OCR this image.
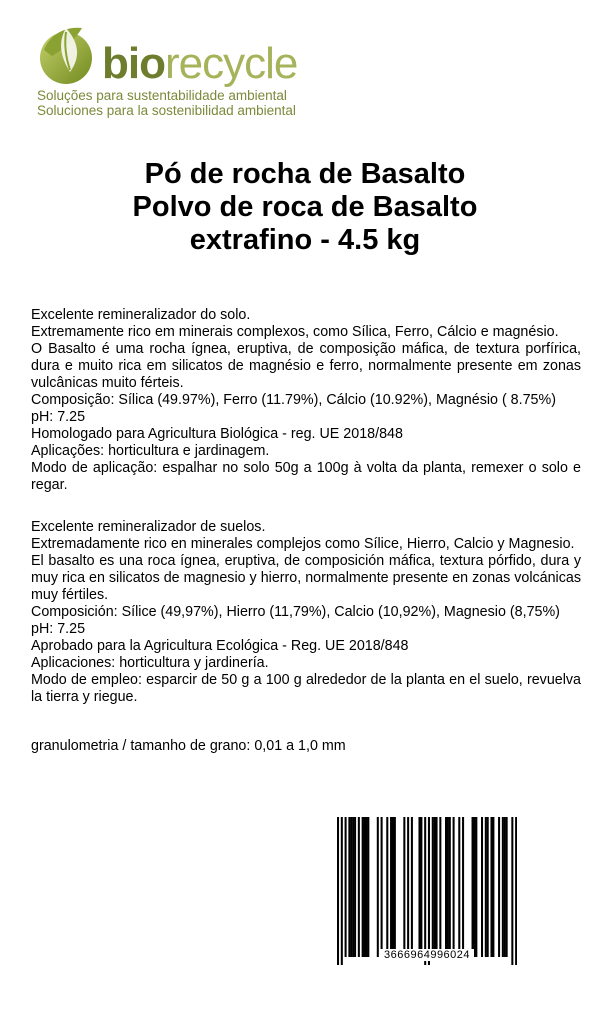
biorecycle
Soluções para sustentabilidade ambiental
Soluciones para la sostenibilidad ambiental
Pó de rocha de Basalto
Polvo de roca de Basalto
extrafino - 4.5 kg

Excelente remineralizador do solo.

Extremamente rico em minerais complexos, como Sílica, Ferro, Cálcio e magnésio.

O Basalto é uma rocha ígnea, eruptiva, de composição máfica, de textura porfírica, dura e muito rica em silicatos de magnésio e ferro, normalmente presente em zonas vulcânicas muito férteis.

Composição: Sílica (49.97%), Ferro (11.79%), Cálcio (10.92%), Magnésio ( 8.75%)

pH: 7.25

Homologado para Agricultura Biológica - reg. UE 2018/848

Aplicações: horticultura e jardinagem.

Modo de aplicação: espalhar no solo 50g a 100g à volta da planta, remexer o solo e regar.

Excelente remineralizador de suelos.

Extremadamente rico en minerales complejos como Sílice, Hierro, Calcio y Magnesio.

El basalto es una roca ígnea, eruptiva, de composición máfica, textura pórfido, dura y muy rica en silicatos de magnesio y hierro, normalmente presente en zonas volcánicas muy fértiles.

Composición: Sílice (49,97%), Hierro (11,79%), Calcio (10,92%), Magnesio (8,75%)

pH: 7.25

Aprobado para la Agricultura Ecológica - Reg. UE 2018/848

Aplicaciones: horticultura y jardinería.

Modo de empleo: esparcir de 50 g a 100 g alrededor de la planta en el suelo, revuelva la tierra y riegue.

granulometria / tamanho de grano: 0,01 a 1,0 mm
3666964996024
